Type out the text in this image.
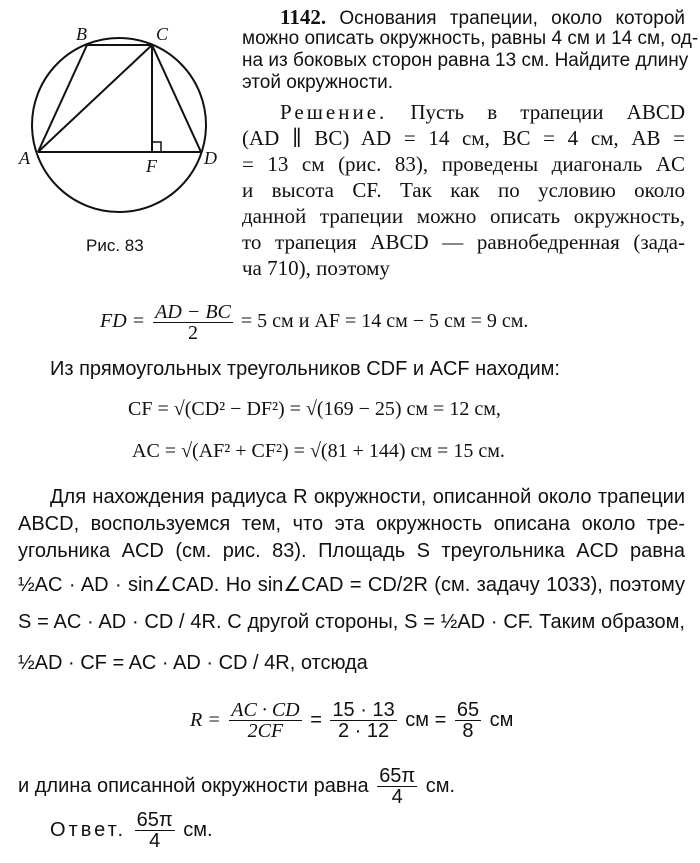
B	C
A	D
F
Рис. 83
1142. Основания трапеции, около которой
можно описать окружность, равны 4 см и 14 см, од-
на из боковых сторон равна 13 см. Найдите длину
этой окружности.
Решение. Пусть в трапеции ABCD
(AD ∥ BC) AD = 14 см, BC = 4 см, AB =
= 13 см (рис. 83), проведены диагональ AC
и высота CF. Так как по условию около
данной трапеции можно описать окружность,
то трапеция ABCD — равнобедренная (зада-
ча 710), поэтому
FD = $\frac{AD - BC}{2} = 5$ см и AF = 14 см − 5 см = 9 см.
Из прямоугольных треугольников CDF и ACF находим:
CF = √(CD² − DF²) = √(169 − 25) см = 12 см,
AC = √(AF² + CF²) = √(81 + 144) см = 15 см.
Для нахождения радиуса R окружности, описанной около трапеции
ABCD, воспользуемся тем, что эта окружность описана около тре-
угольника ACD (см. рис. 83). Площадь S треугольника ACD равна
½AC · AD · sin∠CAD. Но sin∠CAD = CD/2R (см. задачу 1033), поэтому
S = AC · AD · CD / 4R. С другой стороны, S = ½AD · CF. Таким образом,
½AD · CF = AC · AD · CD / 4R, отсюда
$R = \frac{AC \cdot CD}{2CF} = \frac{15 \cdot 13}{2 \cdot 12}$ см = $\frac{65}{8}$ см
и длина описанной окружности равна $\frac{65\pi}{4}$ см.
Ответ. $\frac{65\pi}{4}$ см.
